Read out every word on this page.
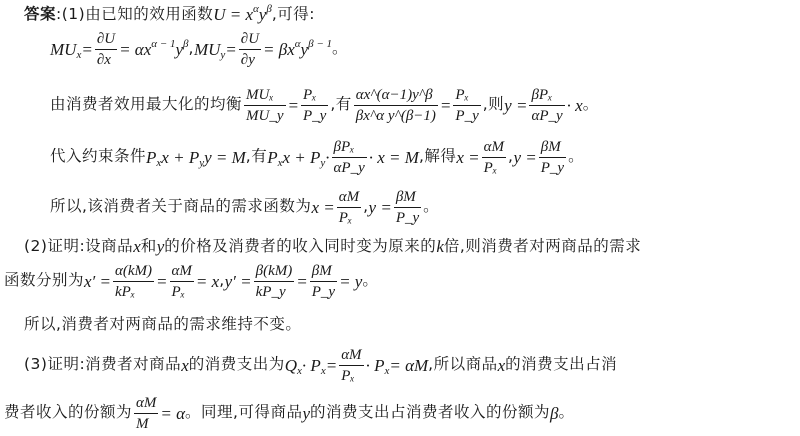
答案:(1)由已知的效用函数U = xαyβ,可得:
$MUx= \frac{\partial U}{\partial x} = \alpha x\alpha - 1y\beta,MUy= \frac{\partial U}{\partial y} = \beta x\alpha y\beta - 1$。
由消费者效用最大化的均衡 $\frac{\text{MUₓ}}{MU\_y} = \frac{\text{Pₓ}}{P\_y}$ ,有 $\frac{\alpha x\^{}(\alpha-1)y\^{}\beta}{\text{βx\textasciicircum{}α y\textasciicircum{}(β−1)}} = \frac{\text{Pₓ}}{P\_y}$ ,则$y = \frac{\text{βPₓ}}{\alpha P\_y} \cdot x$。
代入约束条件Pxx + Pyy = M,有Pxx + $Py\cdot \frac{\text{βPₓ}}{\alpha P\_y} \cdot x = M$,解得$x = \frac{\alpha M}{\text{Pₓ}} ,y = \frac{\beta M}{P\_y}$ 。
所以,该消费者关于商品的需求函数为$x = \frac{\alpha M}{\text{Pₓ}} ,y = \frac{\beta M}{P\_y}$ 。
(2)证明:设商品x和y的价格及消费者的收入同时变为原来的k倍,则消费者对两商品的需求
函数分别为$x' = \frac{\alpha(kM)}{\text{kPₓ}} = \frac{\alpha M}{\text{Pₓ}} = x,y' = \frac{\beta(kM)}{kP\_y} = \frac{\beta M}{P\_y} = y$。
所以,消费者对两商品的需求维持不变。
(3)证明:消费者对商品x的消费支出为$Qx\cdot Px= \frac{\alpha M}{\text{Pₓ}} \cdot Px= \alpha M$,所以商品x的消费支出占消
费者收入的份额为 $\frac{\alpha M}{M} = \alpha$。同理,可得商品y的消费支出占消费者收入的份额为β。
